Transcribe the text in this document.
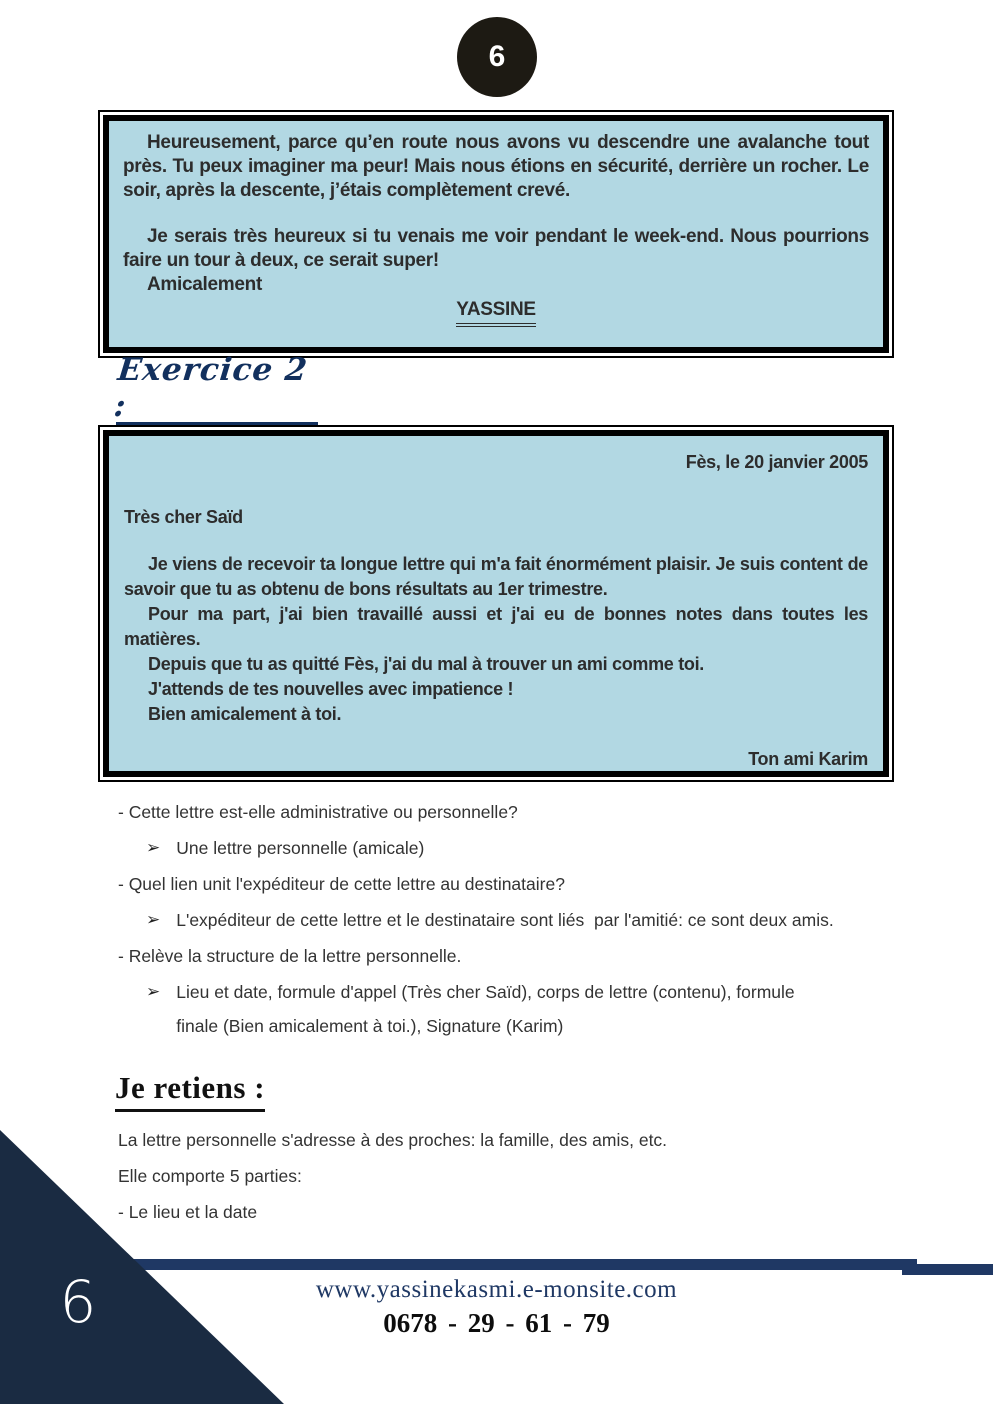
6

Heureusement, parce qu’en route nous avons vu descendre une avalanche tout près. Tu peux imaginer ma peur! Mais nous étions en sécurité, derrière un rocher. Le soir, après la descente, j’étais complètement crevé.

Je serais très heureux si tu venais me voir pendant le week-end. Nous pourrions faire un tour à deux, ce serait super!

Amicalement

YASSINE

Exercice 2 :

Fès, le 20 janvier 2005

Très cher Saïd

Je viens de recevoir ta longue lettre qui m'a fait énormément plaisir. Je suis content de savoir que tu as obtenu de bons résultats au 1er trimestre.

Pour ma part, j'ai bien travaillé aussi et j'ai eu de bonnes notes dans toutes les matières.

Depuis que tu as quitté Fès, j'ai du mal à trouver un ami comme toi.

J'attends de tes nouvelles avec impatience !

Bien amicalement à toi.

Ton ami Karim

- Cette lettre est-elle administrative ou personnelle?

➢ Une lettre personnelle (amicale)

- Quel lien unit l'expéditeur de cette lettre au destinataire?

➢ L'expéditeur de cette lettre et le destinataire sont liés  par l'amitié: ce sont deux amis.

- Relève la structure de la lettre personnelle.

➢ Lieu et date, formule d'appel (Très cher Saïd), corps de lettre (contenu), formule finale (Bien amicalement à toi.), Signature (Karim)
Je retiens :

La lettre personnelle s'adresse à des proches: la famille, des amis, etc.

Elle comporte 5 parties:

- Le lieu et la date

6	www.yassinekasmi.e-monsite.com
0678 - 29 - 61 - 79
